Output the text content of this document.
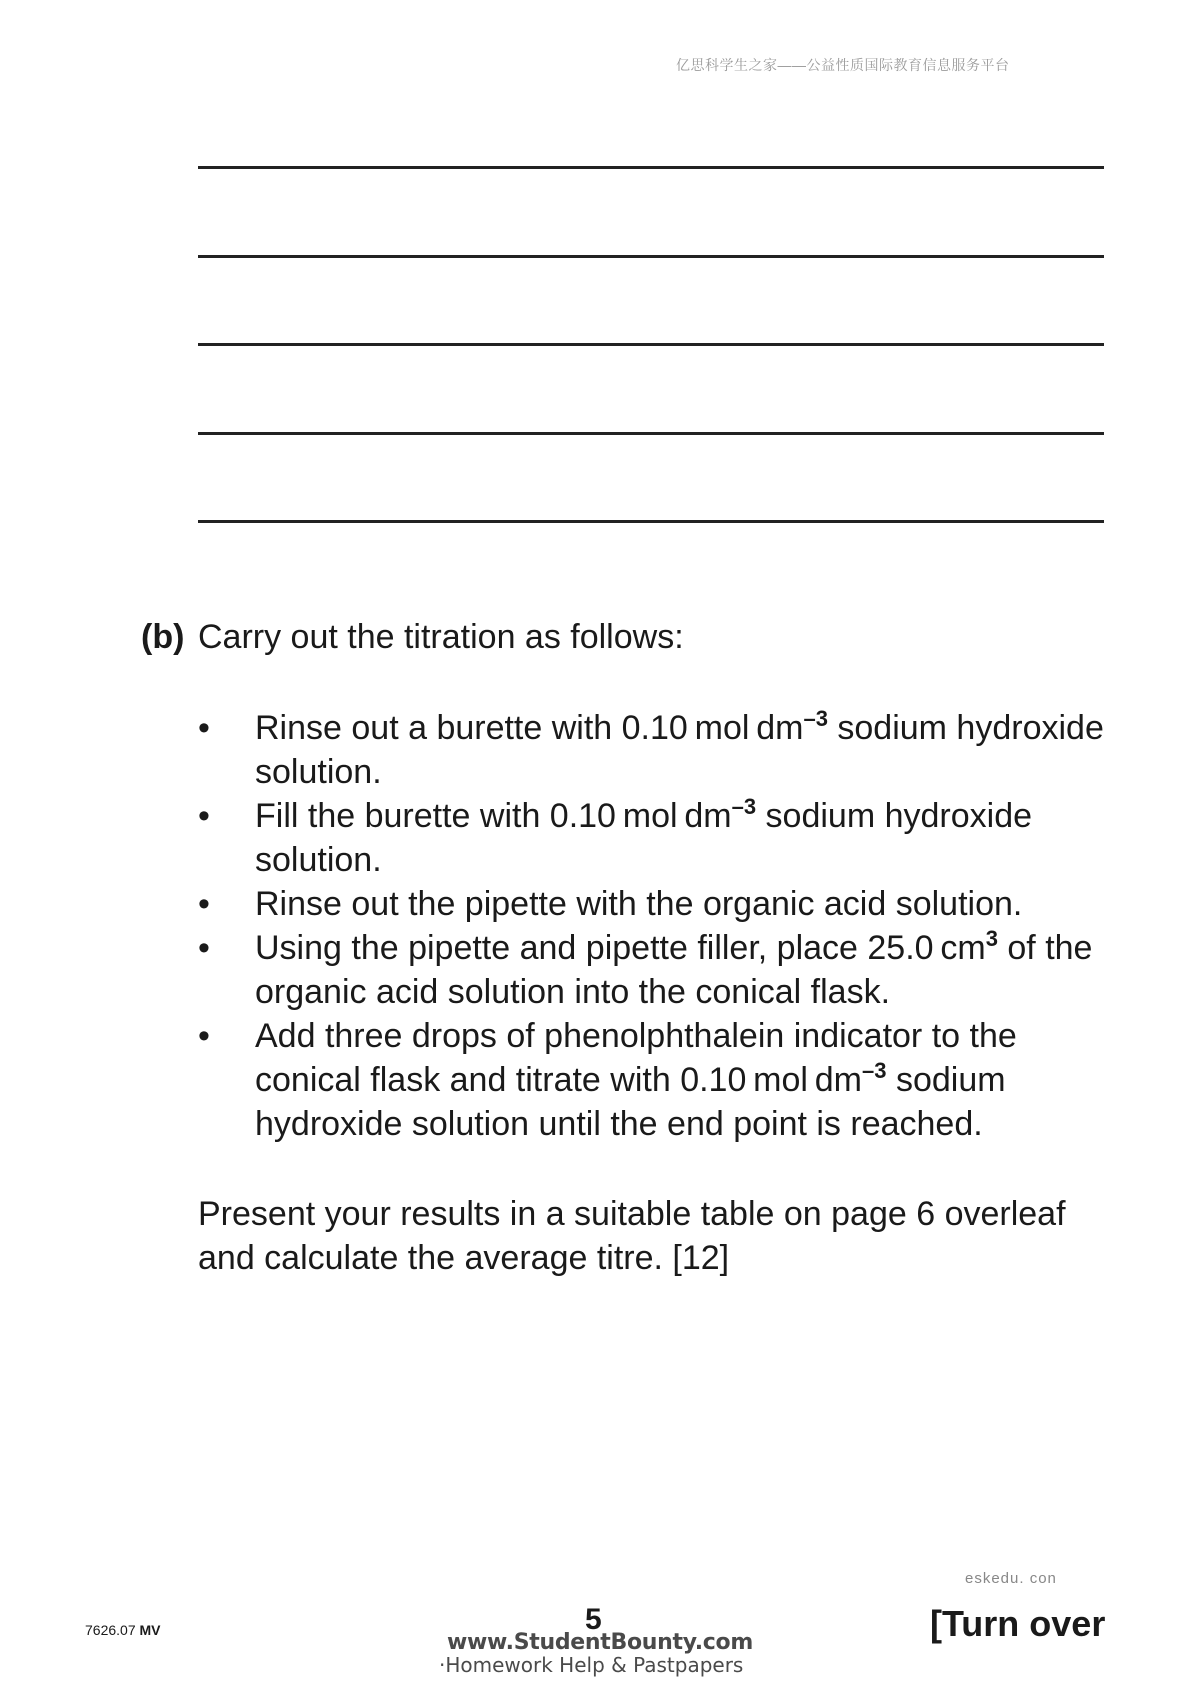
亿思科学生之家——公益性质国际教育信息服务平台
(b) Carry out the titration as follows:
• Rinse out a burette with 0.10 mol $dm^{-3}$ sodium hydroxide solution.
• Fill the burette with 0.10 mol $dm^{-3}$ sodium hydroxide solution.
• Rinse out the pipette with the organic acid solution.
• Using the pipette and pipette filler, place 25.0 $cm^3$ of the organic acid solution into the conical flask.
• Add three drops of phenolphthalein indicator to the conical flask and titrate with 0.10 mol $dm^{-3}$ sodium hydroxide solution until the end point is reached.
Present your results in a suitable table on page 6 overleaf and calculate the average titre. [12]
eskedu. con
7626.07 MV	5	[Turn over
www.StudentBounty.com
·Homework Help & Pastpapers
